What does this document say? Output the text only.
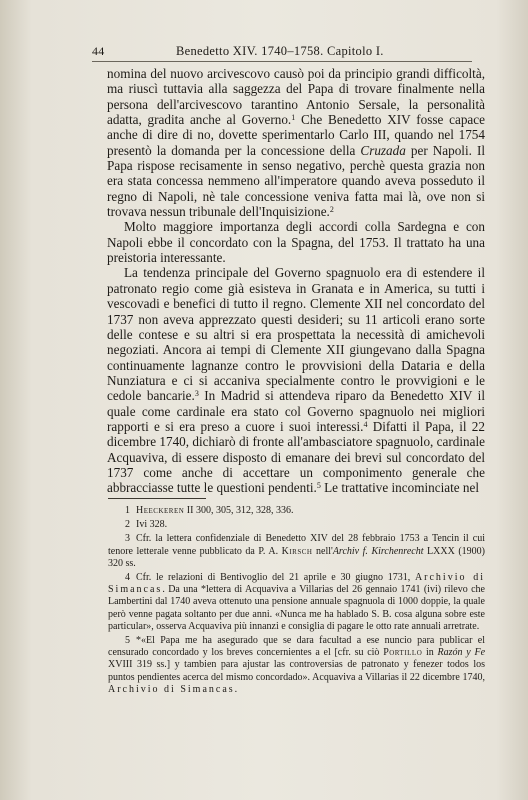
44	Benedetto XIV. 1740–1758. Capitolo I.

nomina del nuovo arcivescovo causò poi da principio grandi difficoltà, ma riuscì tuttavia alla saggezza del Papa di trovare finalmente nella persona dell'arcivescovo tarantino Antonio Sersale, la personalità adatta, gradita anche al Governo.$^1$ Che Benedetto XIV fosse capace anche di dire di no, dovette sperimentarlo Carlo III, quando nel 1754 presentò la domanda per la concessione della Cruzada per Napoli. Il Papa rispose recisamente in senso negativo, perchè questa grazia non era stata concessa nemmeno all'imperatore quando aveva posseduto il regno di Napoli, nè tale concessione veniva fatta mai là, ove non si trovava nessun tribunale dell'Inquisizione.$^2$

Molto maggiore importanza degli accordi colla Sardegna e con Napoli ebbe il concordato con la Spagna, del 1753. Il trattato ha una preistoria interessante.

La tendenza principale del Governo spagnuolo era di estendere il patronato regio come già esisteva in Granata e in America, su tutti i vescovadi e benefici di tutto il regno. Clemente XII nel concordato del 1737 non aveva apprezzato questi desideri; su 11 articoli erano sorte delle contese e su altri si era prospettata la necessità di amichevoli negoziati. Ancora ai tempi di Clemente XII giungevano dalla Spagna continuamente lagnanze contro le provvisioni della Dataria e della Nunziatura e ci si accaniva specialmente contro le provvigioni e le cedole bancarie.$^3$ In Madrid si attendeva riparo da Benedetto XIV il quale come cardinale era stato col Governo spagnuolo nei migliori rapporti e si era preso a cuore i suoi interessi.$^4$ Difatti il Papa, il 22 dicembre 1740, dichiarò di fronte all'ambasciatore spagnuolo, cardinale Acquaviva, di essere disposto di emanare dei brevi sul concordato del 1737 come anche di accettare un componimento generale che abbracciasse tutte le questioni pendenti.$^5$ Le trattative incominciate nel

1 Heeckeren II 300, 305, 312, 328, 336.

2 Ivi 328.

3 Cfr. la lettera confidenziale di Benedetto XIV del 28 febbraio 1753 a Tencin il cui tenore letterale venne pubblicato da P. A. Kirsch nell'Archiv f. Kirchenrecht LXXX (1900) 320 ss.

4 Cfr. le relazioni di Bentivoglio del 21 aprile e 30 giugno 1731, Archivio di Simancas. Da una *lettera di Acquaviva a Villarias del 26 gennaio 1741 (ivi) rilevo che Lambertini dal 1740 aveva ottenuto una pensione annuale spagnuola di 1000 doppie, la quale però venne pagata soltanto per due anni. «Nunca me ha hablado S. B. cosa alguna sobre este particular», osserva Acquaviva più innanzi e consiglia di pagare le otto rate annuali arretrate.

5 *«El Papa me ha asegurado que se dara facultad a ese nuncio para publicar el censurado concordado y los breves concernientes a el [cfr. su ciò Portillo in Razón y Fe XVIII 319 ss.] y tambien para ajustar las controversias de patronato y fenezer todos los puntos pendientes acerca del mismo concordado». Acquaviva a Villarias il 22 dicembre 1740, Archivio di Simancas.
